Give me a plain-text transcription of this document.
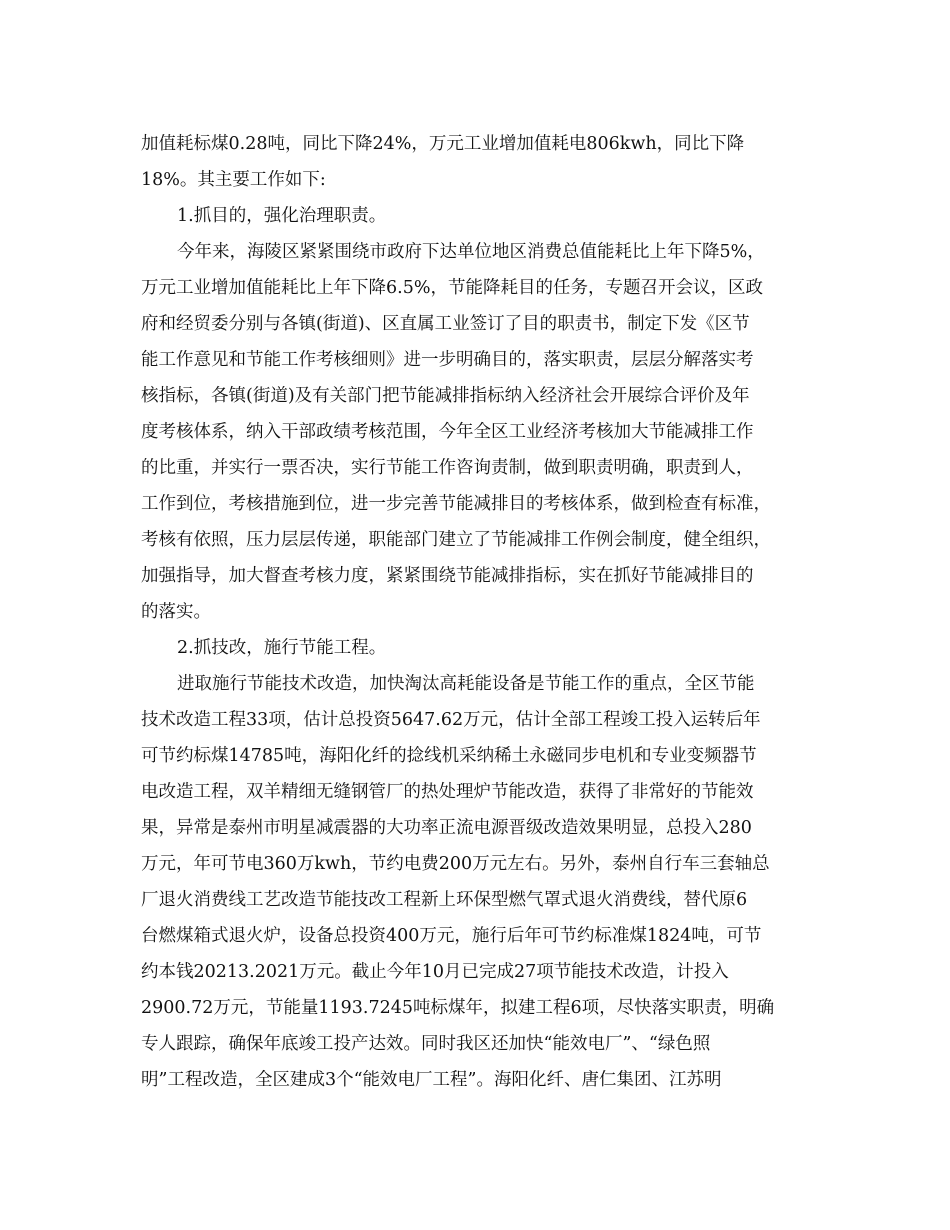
加值耗标煤0.28吨，同比下降24%，万元工业增加值耗电806kwh，同比下降
18%。其主要工作如下:
1.抓目的，强化治理职责。
今年来，海陵区紧紧围绕市政府下达单位地区消费总值能耗比上年下降5%，
万元工业增加值能耗比上年下降6.5%，节能降耗目的任务，专题召开会议，区政
府和经贸委分别与各镇(街道)、区直属工业签订了目的职责书，制定下发《区节
能工作意见和节能工作考核细则》进一步明确目的，落实职责，层层分解落实考
核指标，各镇(街道)及有关部门把节能减排指标纳入经济社会开展综合评价及年
度考核体系，纳入干部政绩考核范围，今年全区工业经济考核加大节能减排工作
的比重，并实行一票否决，实行节能工作咨询责制，做到职责明确，职责到人，
工作到位，考核措施到位，进一步完善节能减排目的考核体系，做到检查有标准，
考核有依照，压力层层传递，职能部门建立了节能减排工作例会制度，健全组织，
加强指导，加大督查考核力度，紧紧围绕节能减排指标，实在抓好节能减排目的
的落实。
2.抓技改，施行节能工程。
进取施行节能技术改造，加快淘汰高耗能设备是节能工作的重点，全区节能
技术改造工程33项，估计总投资5647.62万元，估计全部工程竣工投入运转后年
可节约标煤14785吨，海阳化纤的捻线机采纳稀土永磁同步电机和专业变频器节
电改造工程，双羊精细无缝钢管厂的热处理炉节能改造，获得了非常好的节能效
果，异常是泰州市明星减震器的大功率正流电源晋级改造效果明显，总投入280
万元，年可节电360万kwh，节约电费200万元左右。另外，泰州自行车三套轴总
厂退火消费线工艺改造节能技改工程新上环保型燃气罩式退火消费线，替代原6
台燃煤箱式退火炉，设备总投资400万元，施行后年可节约标准煤1824吨，可节
约本钱20213.2021万元。截止今年10月已完成27项节能技术改造，计投入
2900.72万元，节能量1193.7245吨标煤年，拟建工程6项，尽快落实职责，明确
专人跟踪，确保年底竣工投产达效。同时我区还加快“能效电厂”、“绿色照
明”工程改造，全区建成3个“能效电厂工程”。海阳化纤、唐仁集团、江苏明
